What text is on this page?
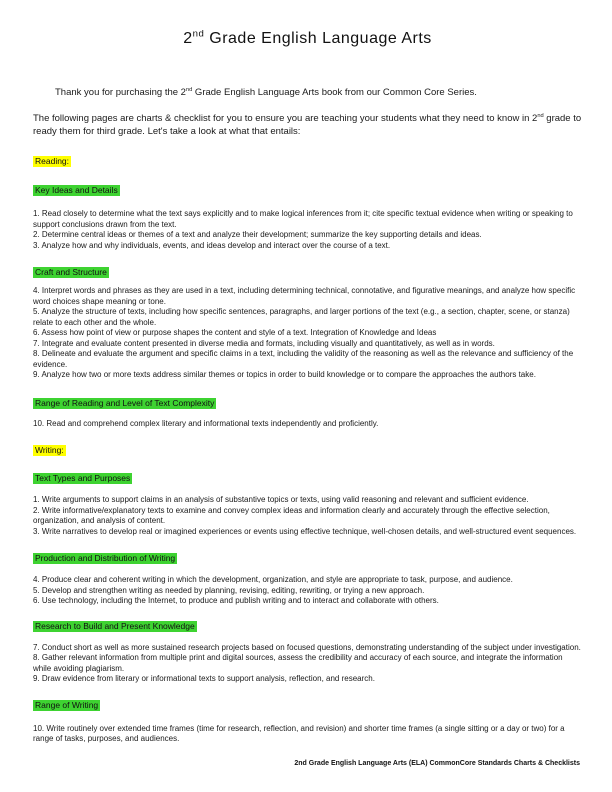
2nd Grade English Language Arts

Thank you for purchasing the 2nd Grade English Language Arts book from our Common Core Series.

The following pages are charts & checklist for you to ensure you are teaching your students what they need to know in 2nd grade to ready them for third grade. Let's take a look at what that entails:

Reading:
Key Ideas and Details

1. Read closely to determine what the text says explicitly and to make logical inferences from it; cite specific textual evidence when writing or speaking to support conclusions drawn from the text.

2. Determine central ideas or themes of a text and analyze their development; summarize the key supporting details and ideas.

3. Analyze how and why individuals, events, and ideas develop and interact over the course of a text.

Craft and Structure

4. Interpret words and phrases as they are used in a text, including determining technical, connotative, and figurative meanings, and analyze how specific word choices shape meaning or tone.

5. Analyze the structure of texts, including how specific sentences, paragraphs, and larger portions of the text (e.g., a section, chapter, scene, or stanza) relate to each other and the whole.

6. Assess how point of view or purpose shapes the content and style of a text. Integration of Knowledge and Ideas

7. Integrate and evaluate content presented in diverse media and formats, including visually and quantitatively, as well as in words.

8. Delineate and evaluate the argument and specific claims in a text, including the validity of the reasoning as well as the relevance and sufficiency of the evidence.

9. Analyze how two or more texts address similar themes or topics in order to build knowledge or to compare the approaches the authors take.

Range of Reading and Level of Text Complexity

10. Read and comprehend complex literary and informational texts independently and proficiently.

Writing:
Text Types and Purposes

1. Write arguments to support claims in an analysis of substantive topics or texts, using valid reasoning and relevant and sufficient evidence.

2. Write informative/explanatory texts to examine and convey complex ideas and information clearly and accurately through the effective selection, organization, and analysis of content.

3. Write narratives to develop real or imagined experiences or events using effective technique, well-chosen details, and well-structured event sequences.

Production and Distribution of Writing

4. Produce clear and coherent writing in which the development, organization, and style are appropriate to task, purpose, and audience.

5. Develop and strengthen writing as needed by planning, revising, editing, rewriting, or trying a new approach.

6. Use technology, including the Internet, to produce and publish writing and to interact and collaborate with others.

Research to Build and Present Knowledge

7. Conduct short as well as more sustained research projects based on focused questions, demonstrating understanding of the subject under investigation.

8. Gather relevant information from multiple print and digital sources, assess the credibility and accuracy of each source, and integrate the information while avoiding plagiarism.

9. Draw evidence from literary or informational texts to support analysis, reflection, and research.

Range of Writing

10. Write routinely over extended time frames (time for research, reflection, and revision) and shorter time frames (a single sitting or a day or two) for a range of tasks, purposes, and audiences.

2nd Grade English Language Arts (ELA) CommonCore Standards Charts & Checklists
